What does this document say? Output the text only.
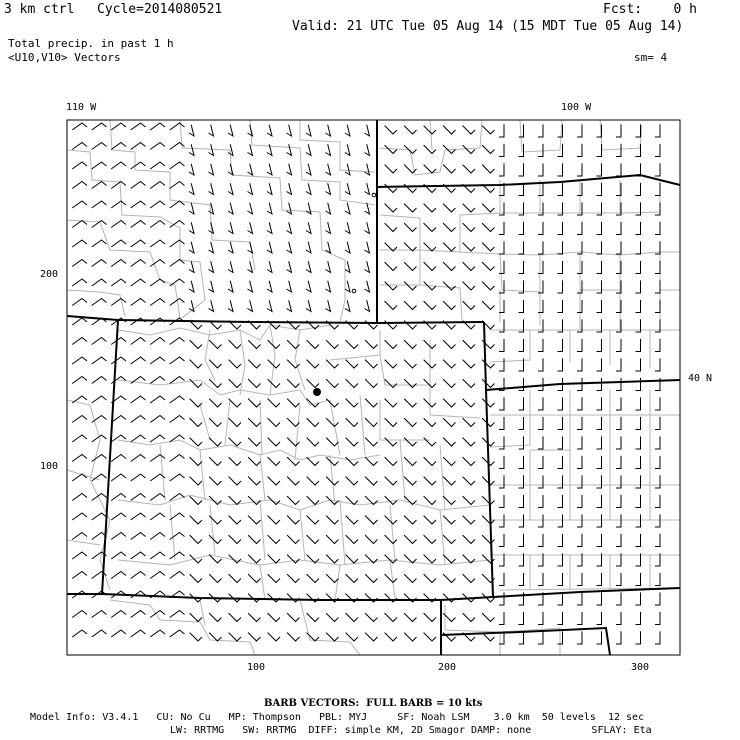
3 km ctrl Cycle=2014080521	Fcst:    0 h
Valid: 21 UTC Tue 05 Aug 14 (15 MDT Tue 05 Aug 14)
Total precip. in past 1 h
<U10,V10> Vectors	sm= 4
110 W	100 W
40 N
200
100
100	200	300
BARB VECTORS:  FULL BARB = 10 kts
Model Info: V3.4.1   CU: No Cu   MP: Thompson   PBL: MYJ     SF: Noah LSM    3.0 km  50 levels  12 sec
LW: RRTMG   SW: RRTMG  DIFF: simple KM, 2D Smagor DAMP: none          SFLAY: Eta
